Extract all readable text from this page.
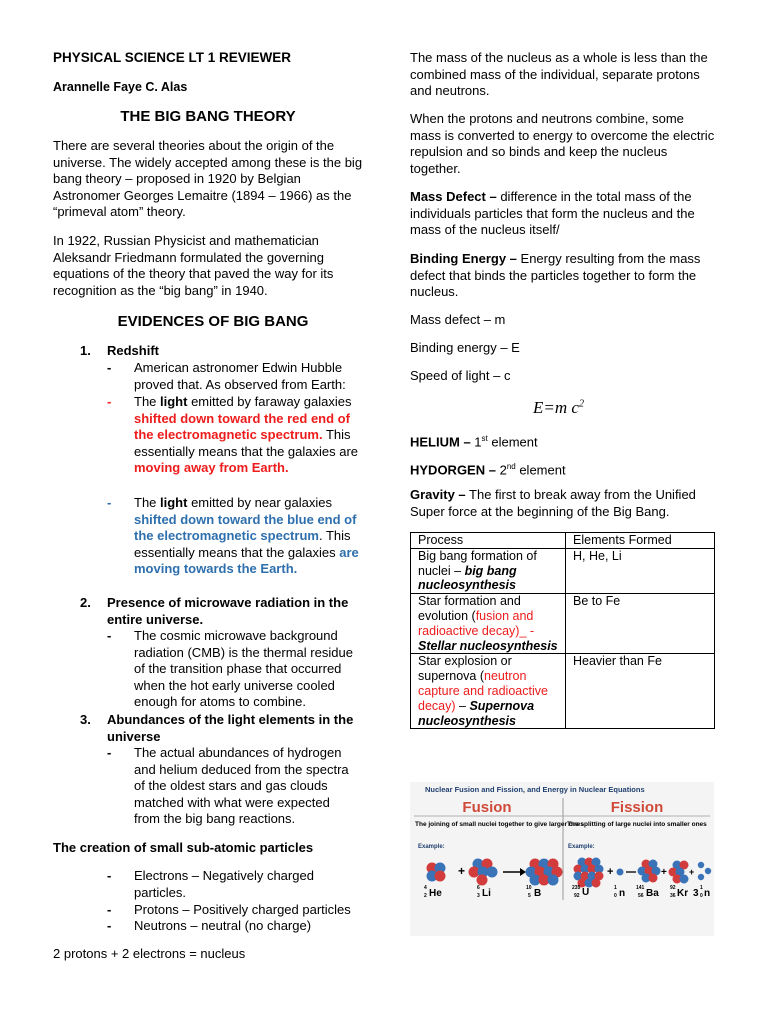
PHYSICAL SCIENCE LT 1 REVIEWER
Arannelle Faye C. Alas
THE BIG BANG THEORY

There are several theories about the origin of the universe. The widely accepted among these is the big bang theory – proposed in 1920 by Belgian Astronomer Georges Lemaitre (1894 – 1966) as the “primeval atom” theory.

In 1922, Russian Physicist and mathematician Aleksandr Friedmann formulated the governing equations of the theory that paved the way for its recognition as the “big bang” in 1940.

EVIDENCES OF BIG BANG
1. Redshift

- American astronomer Edwin Hubble proved that. As observed from Earth:

- The light emitted by faraway galaxies shifted down toward the red end of the electromagnetic spectrum. This essentially means that the galaxies are moving away from Earth.

- The light emitted by near galaxies shifted down toward the blue end of the electromagnetic spectrum. This essentially means that the galaxies are moving towards the Earth.

2. Presence of microwave radiation in the entire universe.

- The cosmic microwave background radiation (CMB) is the thermal residue of the transition phase that occurred when the hot early universe cooled enough for atoms to combine.

3. Abundances of the light elements in the universe

- The actual abundances of hydrogen and helium deduced from the spectra of the oldest stars and gas clouds matched with what were expected from the big bang reactions.

The creation of small sub-atomic particles

- Electrons – Negatively charged particles.

- Protons – Positively charged particles

- Neutrons – neutral (no charge)

2 protons + 2 electrons = nucleus

The mass of the nucleus as a whole is less than the combined mass of the individual, separate protons and neutrons.

When the protons and neutrons combine, some mass is converted to energy to overcome the electric repulsion and so binds and keep the nucleus together.

Mass Defect – difference in the total mass of the individuals particles that form the nucleus and the mass of the nucleus itself/

Binding Energy – Energy resulting from the mass defect that binds the particles together to form the nucleus.

Mass defect – m

Binding energy – E

Speed of light – c

E=m $c^2$

HELIUM – 1st element

HYDORGEN – 2nd element

Gravity – The first to break away from the Unified Super force at the beginning of the Big Bang.

Process	Elements Formed
Big bang formation of nuclei – big bang nucleosynthesis	H, He, Li
Star formation and evolution (fusion and radioactive decay)_ - Stellar nucleosynthesis	Be to Fe
Star explosion or supernova (neutron capture and radioactive decay) – Supernova nucleosynthesis	Heavier than Fe
Nuclear Fusion and Fission, and Energy in Nuclear Equations
Fusion	Fission
The joining of small nuclei together to give larger ones
The splitting of large nuclei into smaller ones
Example:	Example:
+	+	+ +
4
2 He	6
3 Li	10
5 B	235
92 U	1
0 n 141
56 Ba 92
36 Kr 3 1
0 n
